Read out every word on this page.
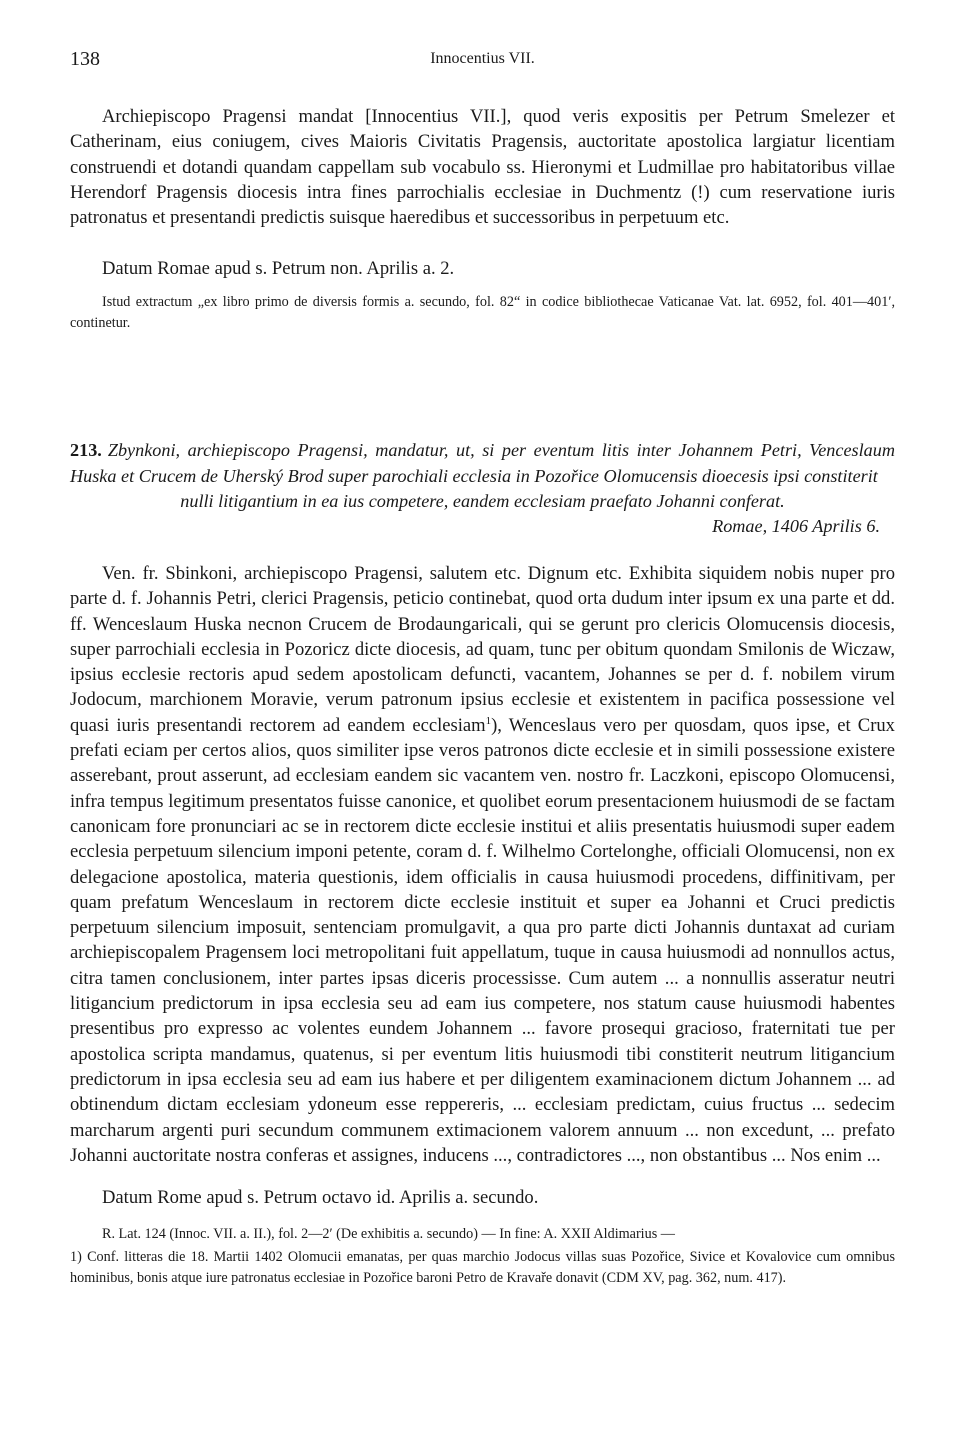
138	Innocentius VII.

Archiepiscopo Pragensi mandat [Innocentius VII.], quod veris expositis per Petrum Smelezer et Catherinam, eius coniugem, cives Maioris Civitatis Pragensis, auctoritate apostolica largiatur licentiam construendi et dotandi quandam cappellam sub vocabulo ss. Hieronymi et Ludmillae pro habitatoribus villae Herendorf Pragensis diocesis intra fines parrochialis ecclesiae in Duchmentz (!) cum reservatione iuris patronatus et presentandi predictis suisque haeredibus et successoribus in perpetuum etc.

Datum Romae apud s. Petrum non. Aprilis a. 2.

Istud extractum „ex libro primo de diversis formis a. secundo, fol. 82“ in codice bibliothecae Vaticanae Vat. lat. 6952, fol. 401—401′, continetur.

213. Zbynkoni, archiepiscopo Pragensi, mandatur, ut, si per eventum litis inter Johannem Petri, Venceslaum Huska et Crucem de Uherský Brod super parochiali ecclesia in Pozořice Olomucensis dioecesis ipsi constiterit
nulli litigantium in ea ius competere, eandem ecclesiam praefato Johanni conferat.

Romae, 1406 Aprilis 6.

Ven. fr. Sbinkoni, archiepiscopo Pragensi, salutem etc. Dignum etc. Exhibita siquidem nobis nuper pro parte d. f. Johannis Petri, clerici Pragensis, peticio continebat, quod orta dudum inter ipsum ex una parte et dd. ff. Wenceslaum Huska necnon Crucem de Brodaungaricali, qui se gerunt pro clericis Olomucensis diocesis, super parrochiali ecclesia in Pozoricz dicte diocesis, ad quam, tunc per obitum quondam Smilonis de Wiczaw, ipsius ecclesie rectoris apud sedem apostolicam defuncti, vacantem, Johannes se per d. f. nobilem virum Jodocum, marchionem Moravie, verum patronum ipsius ecclesie et existentem in pacifica possessione vel quasi iuris presentandi rectorem ad eandem ecclesiam$^1$), Wenceslaus vero per quosdam, quos ipse, et Crux prefati eciam per certos alios, quos similiter ipse veros patronos dicte ecclesie et in simili possessione existere asserebant, prout asserunt, ad ecclesiam eandem sic vacantem ven. nostro fr. Laczkoni, episcopo Olomucensi, infra tempus legitimum presentatos fuisse canonice, et quolibet eorum presentacionem huiusmodi de se factam canonicam fore pronunciari ac se in rectorem dicte ecclesie institui et aliis presentatis huiusmodi super eadem ecclesia perpetuum silencium imponi petente, coram d. f. Wilhelmo Cortelonghe, officiali Olomucensi, non ex delegacione apostolica, materia questionis, idem officialis in causa huiusmodi procedens, diffinitivam, per quam prefatum Wenceslaum in rectorem dicte ecclesie instituit et super ea Johanni et Cruci predictis perpetuum silencium imposuit, sentenciam promulgavit, a qua pro parte dicti Johannis duntaxat ad curiam archiepiscopalem Pragensem loci metropolitani fuit appellatum, tuque in causa huiusmodi ad nonnullos actus, citra tamen conclusionem, inter partes ipsas diceris processisse. Cum autem ... a nonnullis asseratur neutri litigancium predictorum in ipsa ecclesia seu ad eam ius competere, nos statum cause huiusmodi habentes presentibus pro expresso ac volentes eundem Johannem ... favore prosequi gracioso, fraternitati tue per apostolica scripta mandamus, quatenus, si per eventum litis huiusmodi tibi constiterit neutrum litigancium predictorum in ipsa ecclesia seu ad eam ius habere et per diligentem examinacionem dictum Johannem ... ad obtinendum dictam ecclesiam ydoneum esse reppereris, ... ecclesiam predictam, cuius fructus ... sedecim marcharum argenti puri secundum communem extimacionem valorem annuum ... non excedunt, ... prefato Johanni auctoritate nostra conferas et assignes, inducens ..., contradictores ..., non obstantibus ... Nos enim ...

Datum Rome apud s. Petrum octavo id. Aprilis a. secundo.

R. Lat. 124 (Innoc. VII. a. II.), fol. 2—2′ (De exhibitis a. secundo) — In fine: A. XXII Aldimarius —

1) Conf. litteras die 18. Martii 1402 Olomucii emanatas, per quas marchio Jodocus villas suas Pozořice, Sivice et Kovalovice cum omnibus hominibus, bonis atque iure patronatus ecclesiae in Pozořice baroni Petro de Kravaře donavit (CDM XV, pag. 362, num. 417).
